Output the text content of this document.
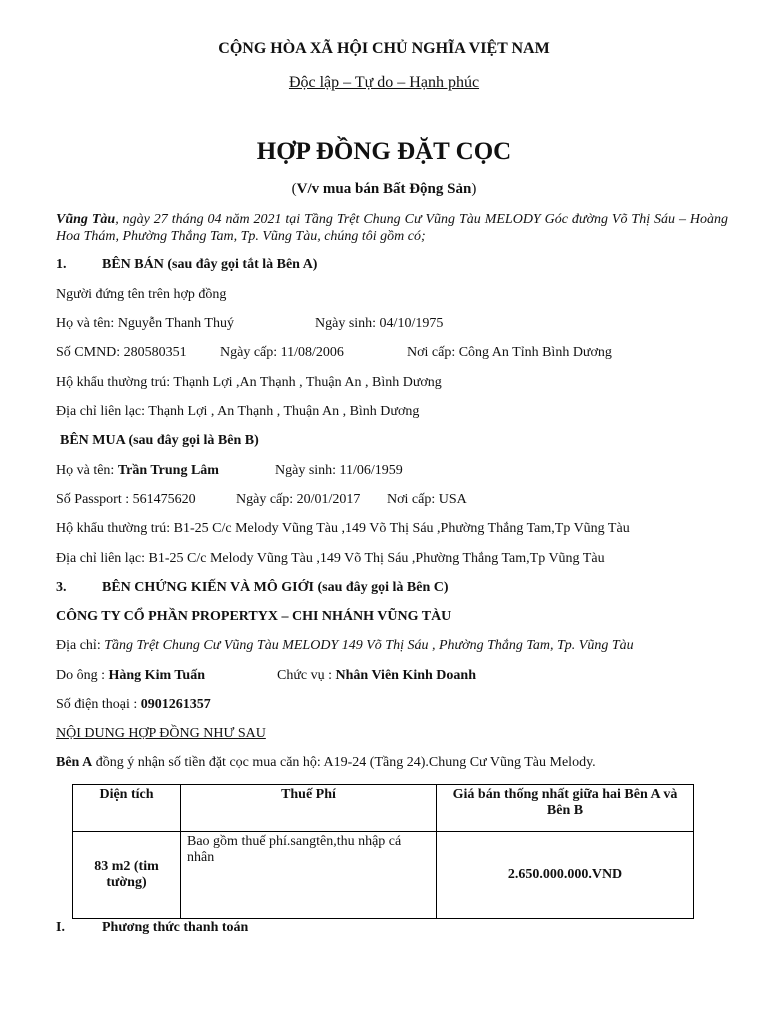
CỘNG HÒA XÃ HỘI CHỦ NGHĨA VIỆT NAM
Độc lập – Tự do – Hạnh phúc
HỢP ĐỒNG ĐẶT CỌC
(V/v mua bán Bất Động Sản)
Vũng Tàu, ngày 27 tháng 04 năm 2021 tại Tầng Trệt Chung Cư Vũng Tàu MELODY Góc đường Võ Thị Sáu – Hoàng Hoa Thám, Phường Thắng Tam, Tp. Vũng Tàu, chúng tôi gồm có;
1.	BÊN BÁN (sau đây gọi tắt là Bên A)
Người đứng tên trên hợp đồng
Họ và tên: Nguyễn Thanh Thuý	Ngày sinh: 04/10/1975
Số CMND: 280580351 Ngày cấp: 11/08/2006	Nơi cấp: Công An Tỉnh Bình Dương
Hộ khẩu thường trú: Thạnh Lợi ,An Thạnh , Thuận An , Bình Dương
Địa chỉ liên lạc: Thạnh Lợi , An Thạnh , Thuận An , Bình Dương
BÊN MUA (sau đây gọi là Bên B)
Họ và tên: Trần Trung Lâm	Ngày sinh: 11/06/1959
Số Passport : 561475620	Ngày cấp: 20/01/2017 Nơi cấp: USA
Hộ khẩu thường trú: B1-25 C/c Melody Vũng Tàu ,149 Võ Thị Sáu ,Phường Thắng Tam,Tp Vũng Tàu
Địa chỉ liên lạc: B1-25 C/c Melody Vũng Tàu ,149 Võ Thị Sáu ,Phường Thắng Tam,Tp Vũng Tàu
3.	BÊN CHỨNG KIẾN VÀ MÔ GIỚI (sau đây gọi là Bên C)
CÔNG TY CỔ PHẦN PROPERTYX – CHI NHÁNH VŨNG TÀU
Địa chỉ: Tầng Trệt Chung Cư Vũng Tàu MELODY 149 Võ Thị Sáu , Phường Thắng Tam, Tp. Vũng Tàu
Do ông : Hàng Kim Tuấn	Chức vụ : Nhân Viên Kinh Doanh
Số điện thoại : 0901261357
NỘI DUNG HỢP ĐỒNG NHƯ SAU
Bên A đồng ý nhận số tiền đặt cọc mua căn hộ: A19-24 (Tầng 24).Chung Cư Vũng Tàu Melody.
Diện tích	Thuế Phí	Giá bán thống nhất giữa hai Bên A và Bên B
83 m2 (tim tường)	Bao gồm thuế phí.sangtên,thu nhập cá nhân	2.650.000.000.VND
I.	Phương thức thanh toán
